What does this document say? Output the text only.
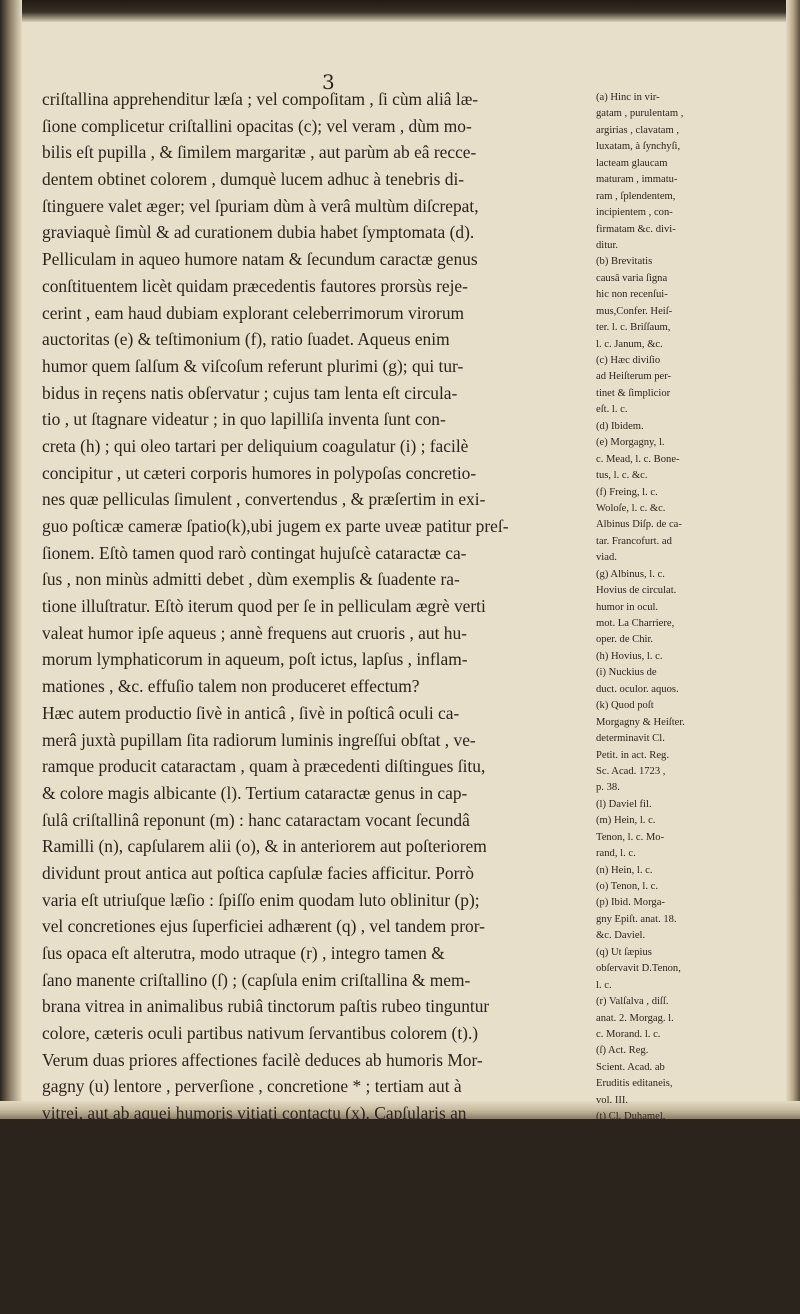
3
criſtallina apprehenditur læſa ; vel compoſitam , ſi cùm aliâ læ-
ſione complicetur criſtallini opacitas (c); vel veram , dùm mo-
bilis eſt pupilla , & ſimilem margaritæ , aut parùm ab eâ recce-
dentem obtinet colorem , dumquè lucem adhuc à tenebris di-
ſtinguere valet æger; vel ſpuriam dùm à verâ multùm diſcrepat,
graviaquè ſimùl & ad curationem dubia habet ſymptomata (d).
Pelliculam in aqueo humore natam & ſecundum caractæ genus
conſtituentem licèt quidam præcedentis fautores prorsùs reje-
cerint , eam haud dubiam explorant celeberrimorum virorum
auctoritas (e) & teſtimonium (f), ratio ſuadet. Aqueus enim
humor quem ſalſum & viſcoſum referunt plurimi (g); qui tur-
bidus in reçens natis obſervatur ; cujus tam lenta eſt circula-
tio , ut ſtagnare videatur ; in quo lapilliſa inventa ſunt con-
creta (h) ; qui oleo tartari per deliquium coagulatur (i) ; facilè
concipitur , ut cæteri corporis humores in polypoſas concretio-
nes quæ pelliculas ſimulent , convertendus , & præſertim in exi-
guo poſticæ cameræ ſpatio(k),ubi jugem ex parte uveæ patitur preſ-
ſionem. Eſtò tamen quod rarò contingat hujuſcè cataractæ ca-
ſus , non minùs admitti debet , dùm exemplis & ſuadente ra-
tione illuſtratur. Eſtò iterum quod per ſe in pelliculam ægrè verti
valeat humor ipſe aqueus ; annè frequens aut cruoris , aut hu-
morum lymphaticorum in aqueum, poſt ictus, lapſus , inflam-
mationes , &c. effuſio talem non produceret effectum?
Hæc autem productio ſivè in anticâ , ſivè in poſticâ oculi ca-
merâ juxtà pupillam ſita radiorum luminis ingreſſui obſtat , ve-
ramque producit cataractam , quam à præcedenti diſtingues ſitu,
& colore magis albicante (l). Tertium cataractæ genus in cap-
ſulâ criſtallinâ reponunt (m) : hanc cataractam vocant ſecundâ
Ramilli (n), capſularem alii (o), & in anteriorem aut poſteriorem
dividunt prout antica aut poſtica capſulæ facies afficitur. Porrò
varia eſt utriuſque læſio : ſpiſſo enim quodam luto oblinitur (p);
vel concretiones ejus ſuperficiei adhærent (q) , vel tandem pror-
ſus opaca eſt alterutra, modo utraque (r) , integro tamen &
ſano manente criſtallino (ſ) ; (capſula enim criſtallina & mem-
brana vitrea in animalibus rubiâ tinctorum paſtis rubeo tinguntur
colore, cæteris oculi partibus nativum ſervantibus colorem (t).)
Verum duas priores affectiones facilè deduces ab humoris Mor-
gagny (u) lentore , perverſione , concretione * ; tertiam aut à
vitrei, aut ab aquei humoris vitiati contactu (x). Capſularis an
terior judicatur cataracta, dum ſuperficiei proxima eſt ; convexa,
& cæruleo candida ; plana in centro & albida; acuta in apice &
albicans; in circumferentiâ glauco tincta colore (y). E contrà
quæ plures lineas poſt pupillam demiſſa eſt ; lata ; concava ;
in centro , ſi ſenex æger , flava ; ſi juvenis , ſub alba ; capſula-
ris poſterior (z). Quartum cataractæ genus anteà ignotum (a),
in membranâ humoris aquei ſedem habet : macula autem iſtam
(a) Hinc in vir-
gatam , purulentam ,
argirias , clavatam ,
luxatam, à ſynchyſi,
lacteam glaucam
maturam , immatu-
ram , ſplendentem,
incipientem , con-
firmatam &c. divi-
ditur.
(b) Brevitatis
causâ varia ſigna
hic non recenſui-
mus,Confer. Heiſ-
ter. l. c. Briſſaum,
l. c. Janum, &c.
(c) Hæc diviſio
ad Heiſterum per-
tinet & ſimplicior
eſt. l. c.
(d) Ibidem.
(e) Morgagny, l.
c. Mead, l. c. Bone-
tus, l. c. &c.
(f) Freing, l. c.
Woloſe, l. c. &c.
Albinus Diſp. de ca-
tar. Francofurt. ad
viad.
(g) Albinus, l. c.
Hovius de circulat.
humor in ocul.
mot. La Charriere,
oper. de Chir.
(h) Hovius, l. c.
(i) Nuckius de
duct. oculor. aquos.
(k) Quod poſt
Morgagny & Heiſter.
determinavit Cl.
Petit. in act. Reg.
Sc. Acad. 1723 ,
p. 38.
(l) Daviel fil.
(m) Hein, l. c.
Tenon, l. c. Mo-
rand, l. c.
(n) Hein, l. c.
(o) Tenon, l. c.
(p) Ibid. Morga-
gny Epiſt. anat. 18.
&c. Daviel.
(q) Ut ſæpius
obſervavit D.Tenon,
l. c.
(r) Valſalva , diſſ.
anat. 2. Morgag. l.
c. Morand. l. c.
(ſ) Act. Reg.
Scient. Acad. ab
Eruditis editaneis,
vol. III.
(t) Cl. Duhamel,
Act. Reg. Sc. Acad.
1739.
